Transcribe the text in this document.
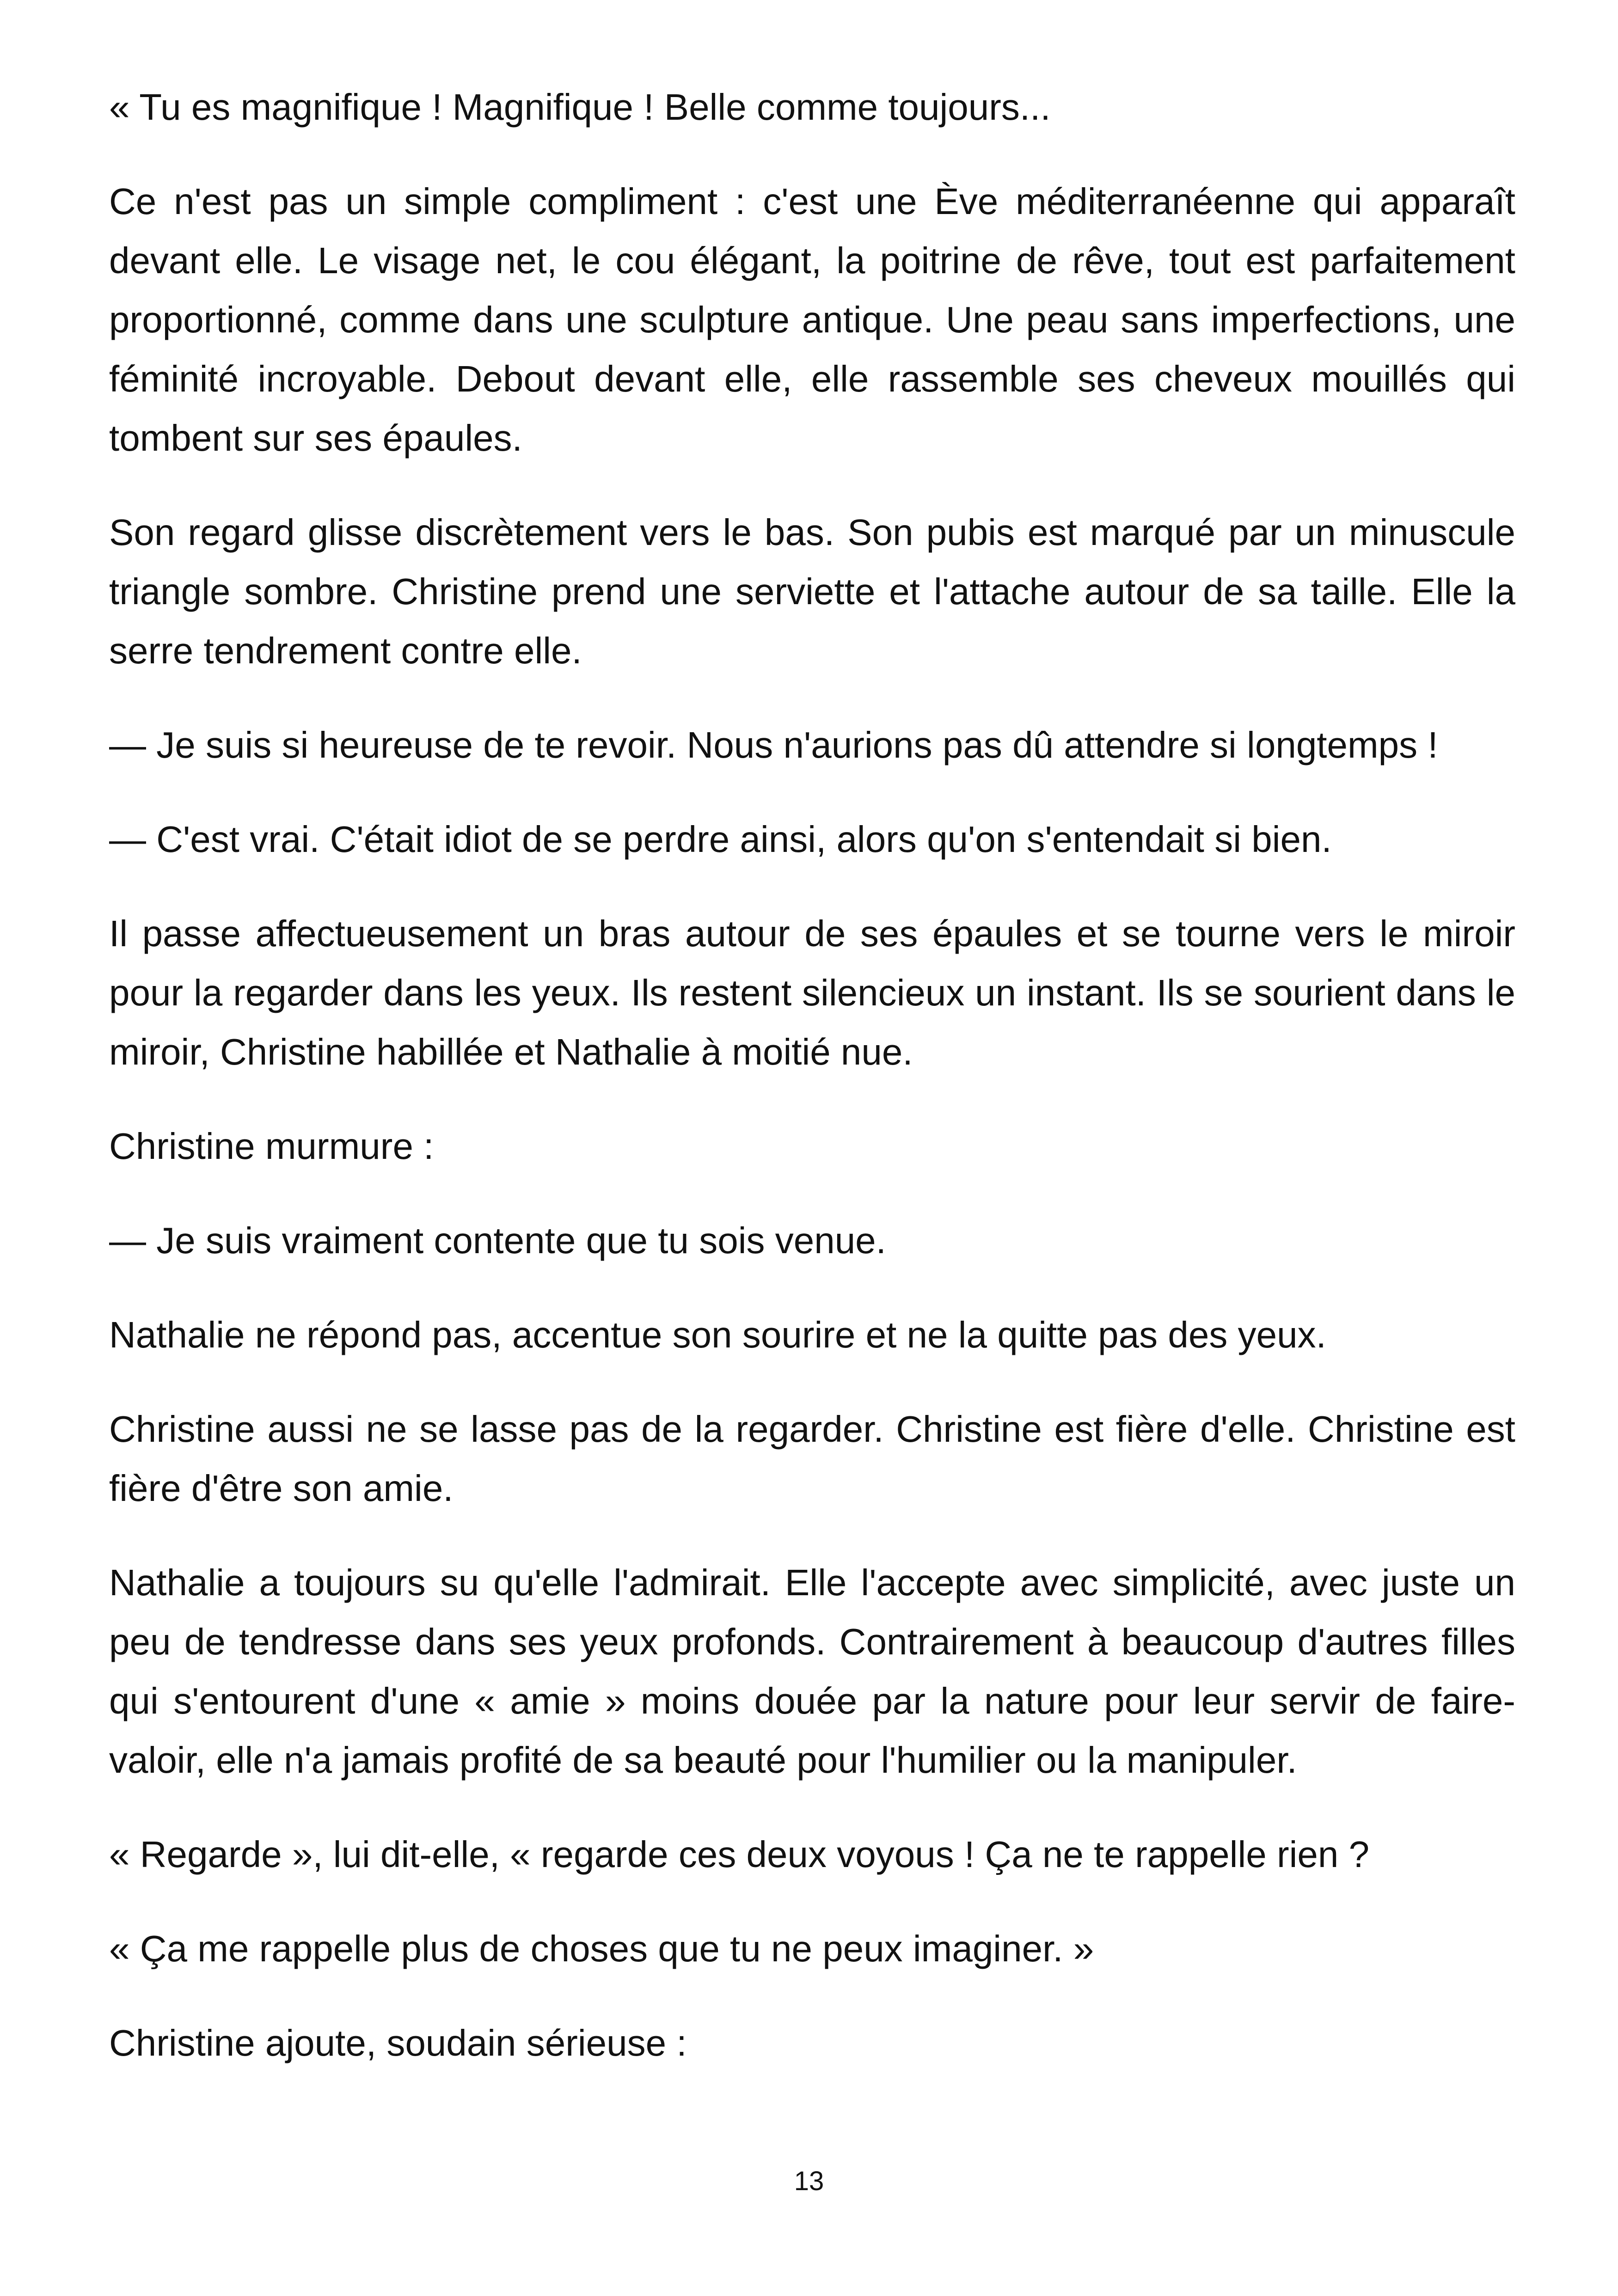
« Tu es magnifique ! Magnifique ! Belle comme toujours...

Ce n'est pas un simple compliment : c'est une Ève méditerranéenne qui apparaît devant elle. Le visage net, le cou élégant, la poitrine de rêve, tout est parfaitement proportionné, comme dans une sculpture antique. Une peau sans imperfections, une féminité incroyable. Debout devant elle, elle rassemble ses cheveux mouillés qui tombent sur ses épaules.

Son regard glisse discrètement vers le bas. Son pubis est marqué par un minuscule triangle sombre. Christine prend une serviette et l'attache autour de sa taille. Elle la serre tendrement contre elle.

— Je suis si heureuse de te revoir. Nous n'aurions pas dû attendre si longtemps !

— C'est vrai. C'était idiot de se perdre ainsi, alors qu'on s'entendait si bien.

Il passe affectueusement un bras autour de ses épaules et se tourne vers le miroir pour la regarder dans les yeux. Ils restent silencieux un instant. Ils se sourient dans le miroir, Christine habillée et Nathalie à moitié nue.

Christine murmure :

— Je suis vraiment contente que tu sois venue.

Nathalie ne répond pas, accentue son sourire et ne la quitte pas des yeux.

Christine aussi ne se lasse pas de la regarder. Christine est fière d'elle. Christine est fière d'être son amie.

Nathalie a toujours su qu'elle l'admirait. Elle l'accepte avec simplicité, avec juste un peu de tendresse dans ses yeux profonds. Contrairement à beaucoup d'autres filles qui s'entourent d'une « amie » moins douée par la nature pour leur servir de faire-valoir, elle n'a jamais profité de sa beauté pour l'humilier ou la manipuler.

« Regarde », lui dit-elle, « regarde ces deux voyous ! Ça ne te rappelle rien ?

« Ça me rappelle plus de choses que tu ne peux imaginer. »

Christine ajoute, soudain sérieuse :

13
